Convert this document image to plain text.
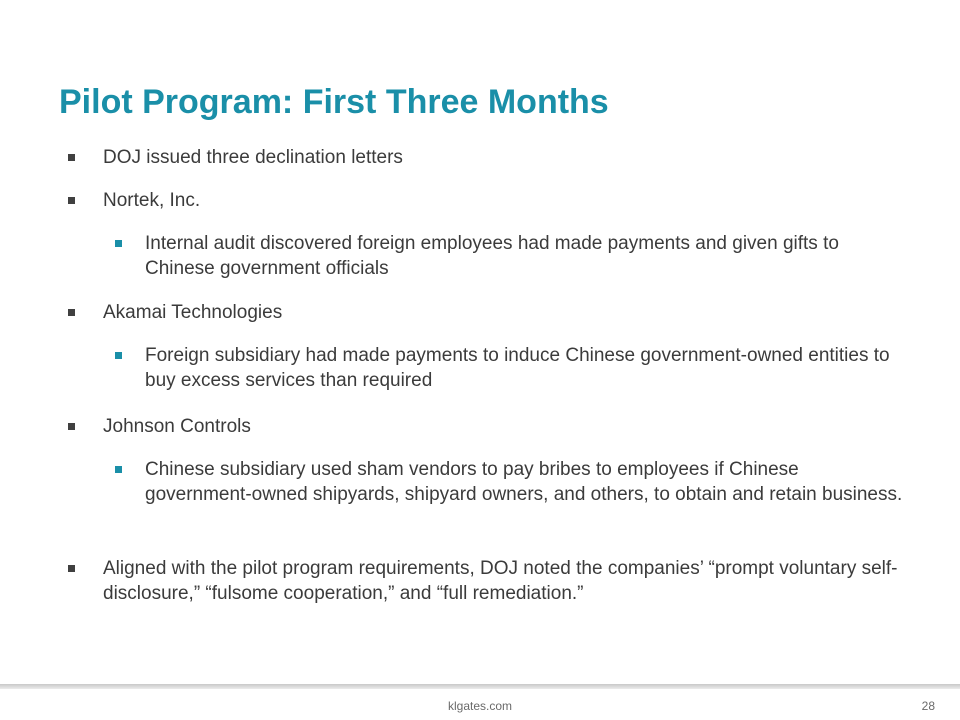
Pilot Program: First Three Months
DOJ issued three declination letters
Nortek, Inc.
Internal audit discovered foreign employees had made payments and given gifts to Chinese government officials
Akamai Technologies
Foreign subsidiary had made payments to induce Chinese government-owned entities to buy excess services than required
Johnson Controls
Chinese subsidiary used sham vendors to pay bribes to employees if Chinese government-owned shipyards, shipyard owners, and others, to obtain and retain business.
Aligned with the pilot program requirements, DOJ noted the companies’ “prompt voluntary self-disclosure,” “fulsome cooperation,” and “full remediation.”
klgates.com	28
